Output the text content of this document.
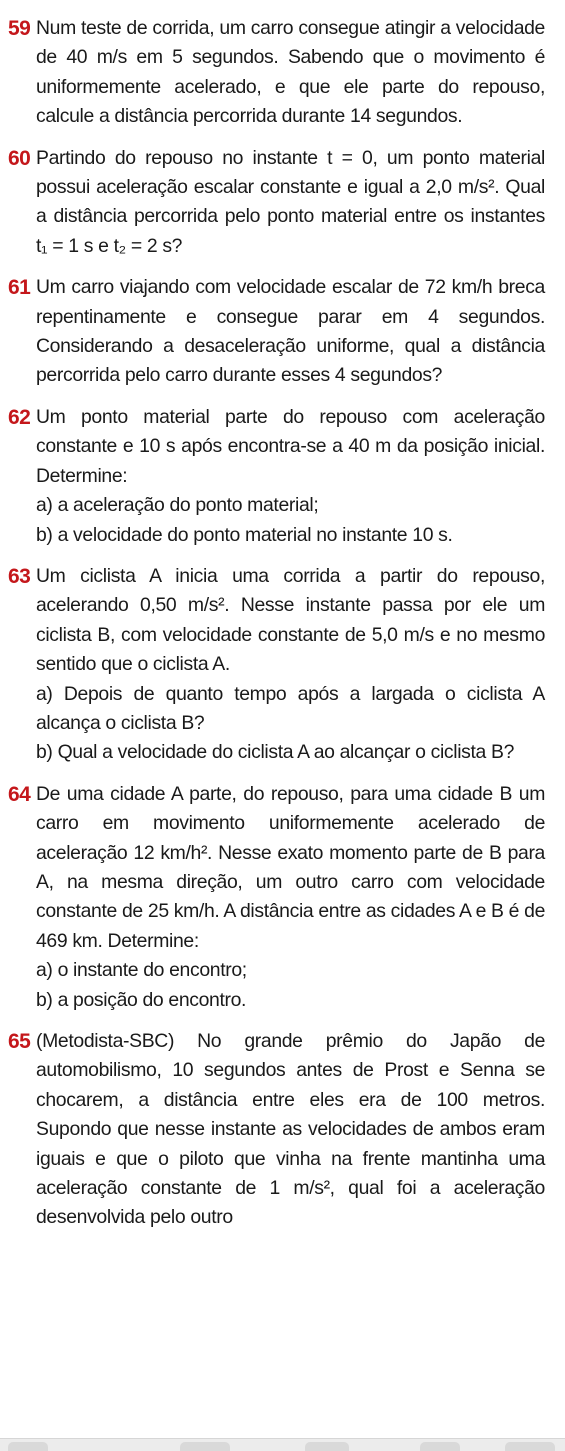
59 Num teste de corrida, um carro consegue atingir a velocidade de 40 m/s em 5 segundos. Sabendo que o movimento é uniformemente acelerado, e que ele parte do repouso, calcule a distância percorrida durante 14 segundos.
60 Partindo do repouso no instante t = 0, um ponto material possui aceleração escalar constante e igual a 2,0 m/s². Qual a distância percorrida pelo ponto material entre os instantes t₁ = 1 s e t₂ = 2 s?
61 Um carro viajando com velocidade escalar de 72 km/h breca repentinamente e consegue parar em 4 segundos. Considerando a desaceleração uniforme, qual a distância percorrida pelo carro durante esses 4 segundos?
62 Um ponto material parte do repouso com aceleração constante e 10 s após encontra-se a 40 m da posição inicial. Determine:
a) a aceleração do ponto material;
b) a velocidade do ponto material no instante 10 s.
63 Um ciclista A inicia uma corrida a partir do repouso, acelerando 0,50 m/s². Nesse instante passa por ele um ciclista B, com velocidade constante de 5,0 m/s e no mesmo sentido que o ciclista A.
a) Depois de quanto tempo após a largada o ciclista A alcança o ciclista B?
b) Qual a velocidade do ciclista A ao alcançar o ciclista B?
64 De uma cidade A parte, do repouso, para uma cidade B um carro em movimento uniformemente acelerado de aceleração 12 km/h². Nesse exato momento parte de B para A, na mesma direção, um outro carro com velocidade constante de 25 km/h. A distância entre as cidades A e B é de 469 km. Determine:
a) o instante do encontro;
b) a posição do encontro.
65 (Metodista-SBC) No grande prêmio do Japão de automobilismo, 10 segundos antes de Prost e Senna se chocarem, a distância entre eles era de 100 metros. Supondo que nesse instante as velocidades de ambos eram iguais e que o piloto que vinha na frente mantinha uma aceleração constante de 1 m/s², qual foi a aceleração desenvolvida pelo outro
